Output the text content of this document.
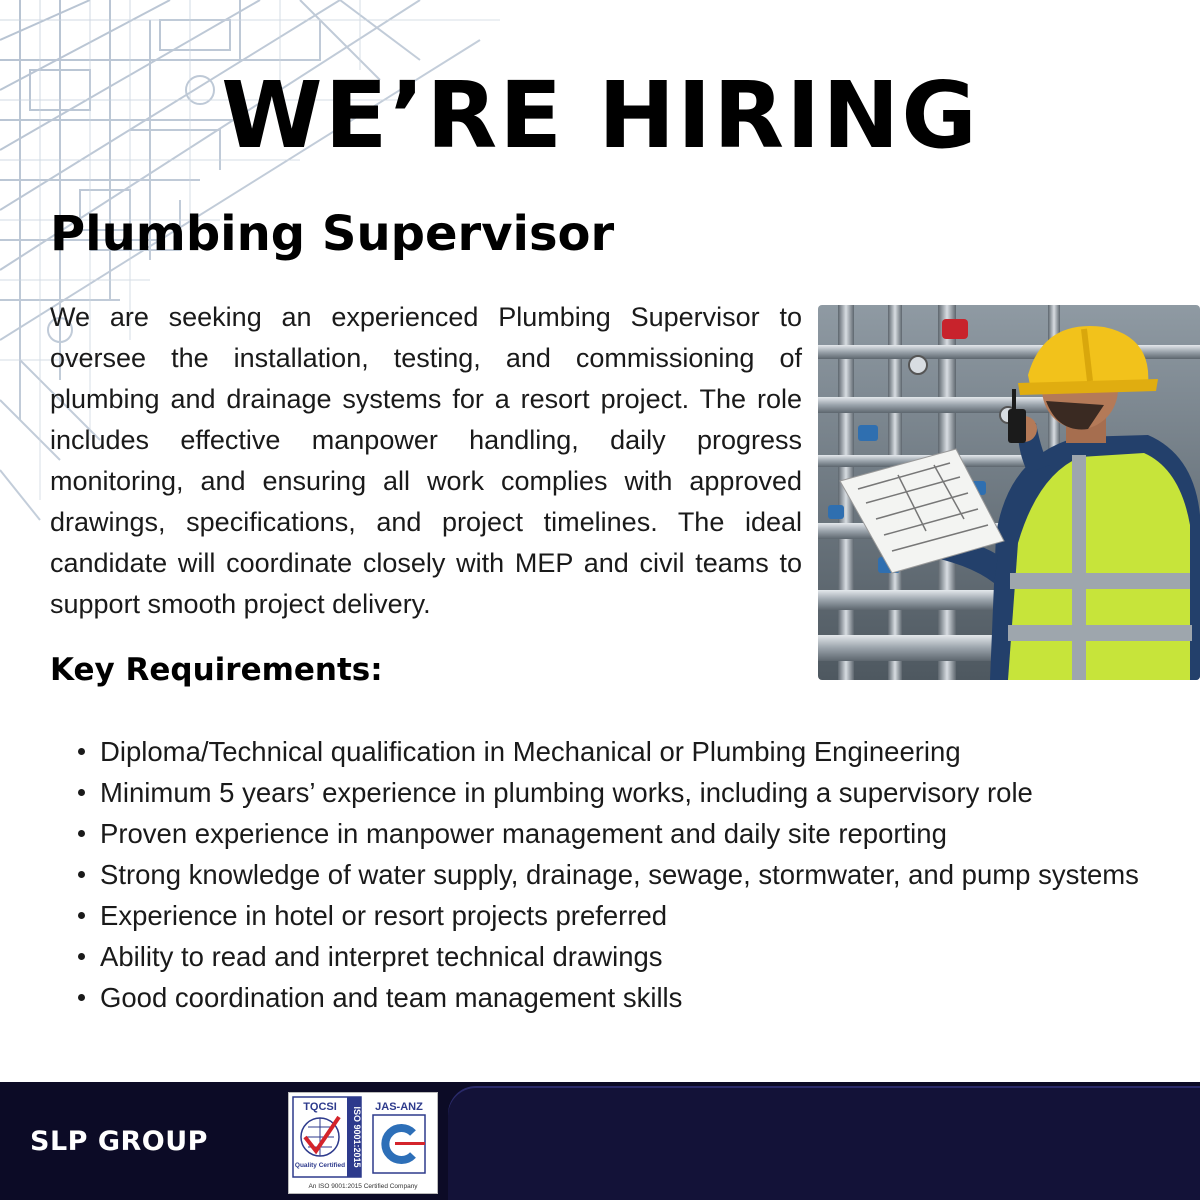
WE’RE HIRING
Plumbing Supervisor

We are seeking an experienced Plumbing Supervisor to oversee the installation, testing, and commissioning of plumbing and drainage systems for a resort project. The role includes effective manpower handling, daily progress monitoring, and ensuring all work complies with approved drawings, specifications, and project timelines. The ideal candidate will coordinate closely with MEP and civil teams to support smooth project delivery.

Key Requirements:
Diploma/Technical qualification in Mechanical or Plumbing Engineering
Minimum 5 years’ experience in plumbing works, including a supervisory role
Proven experience in manpower management and daily site reporting
Strong knowledge of water supply, drainage, sewage, stormwater, and pump systems
Experience in hotel or resort projects preferred
Ability to read and interpret technical drawings
Good coordination and team management skills
SLP GROUP	ISO 9001:2015
TQCSI
Quality Certified
JAS-ANZ
An ISO 9001:2015 Certified Company
